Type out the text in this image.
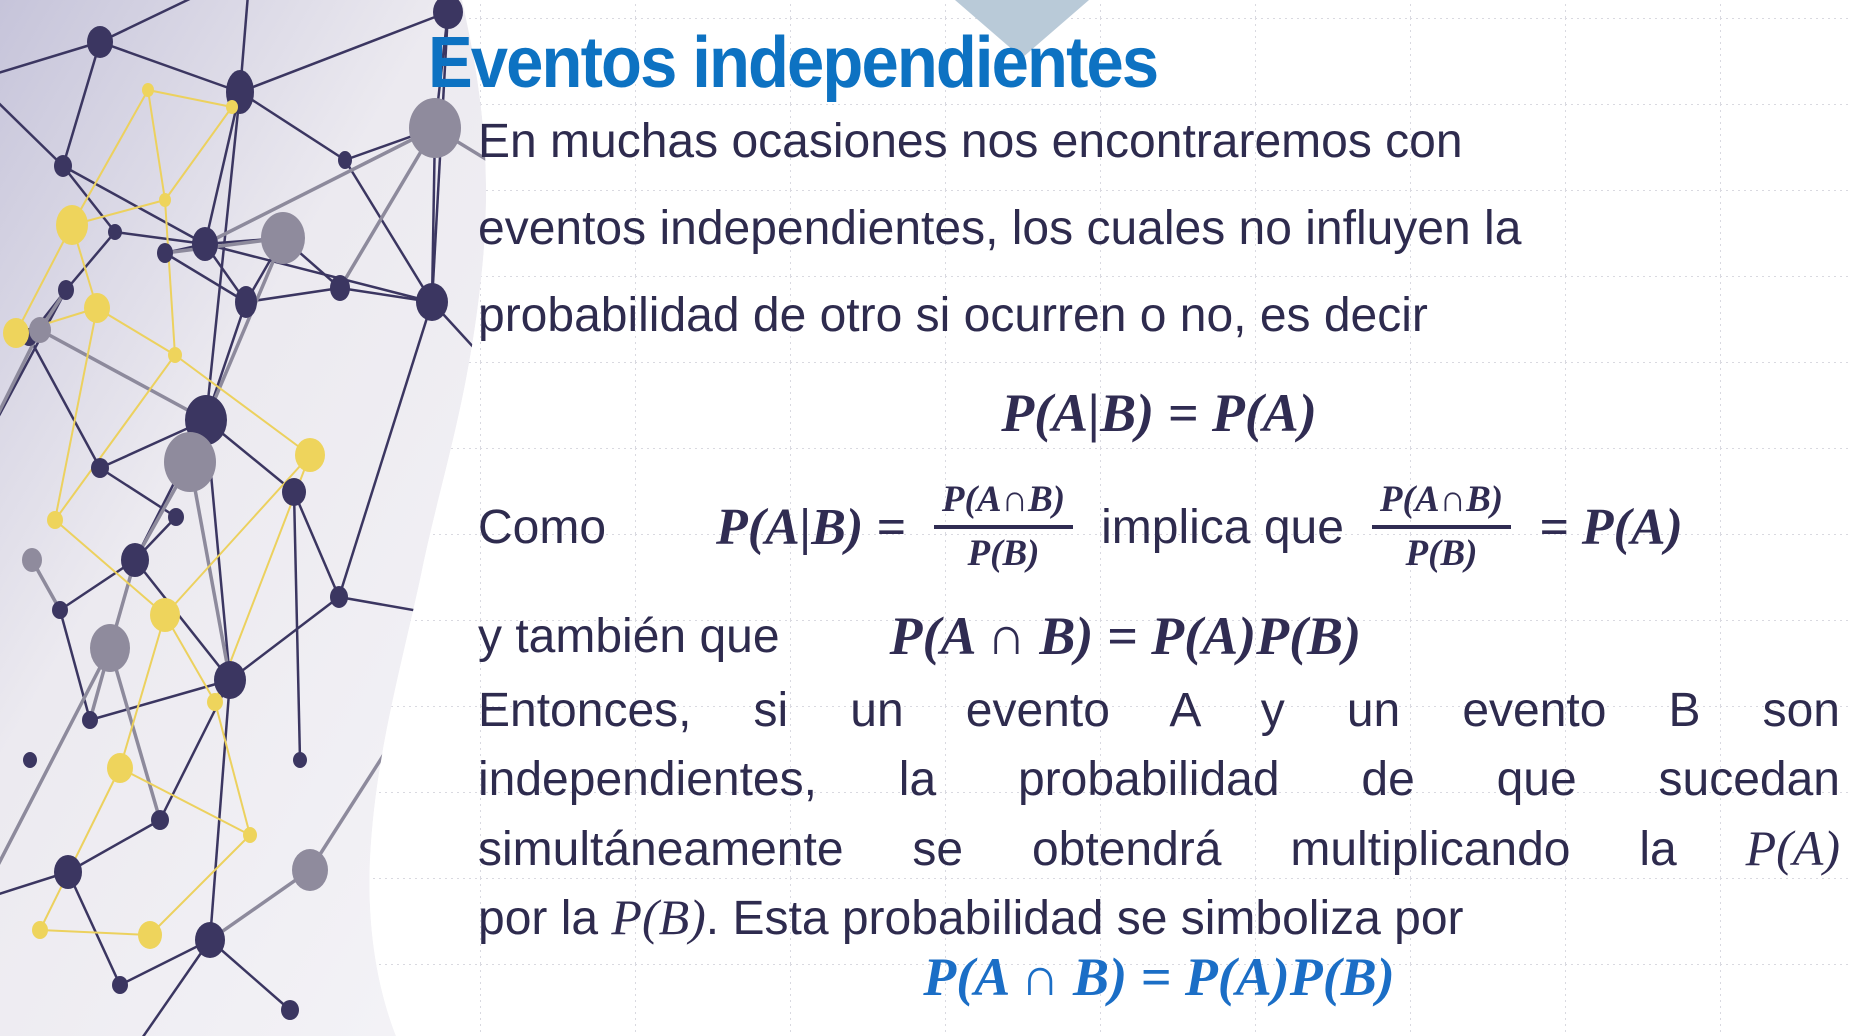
Eventos independientes
En muchas ocasiones nos encontraremos con
eventos independientes, los cuales no influyen la
probabilidad de otro si ocurren o no, es decir
P(A|B) = P(A)
Como $P(A|B) = \frac{P(A\cap B)}{P(B)}$ implica que $\frac{P(A\cap B)}{P(B)} = P(A)$
y también que P(A ∩ B) = P(A)P(B)
Entonces, si un evento A y un evento B son
independientes, la probabilidad de que sucedan
simultáneamente se obtendrá multiplicando la P(A)
por la P(B). Esta probabilidad se simboliza por
P(A ∩ B) = P(A)P(B)
